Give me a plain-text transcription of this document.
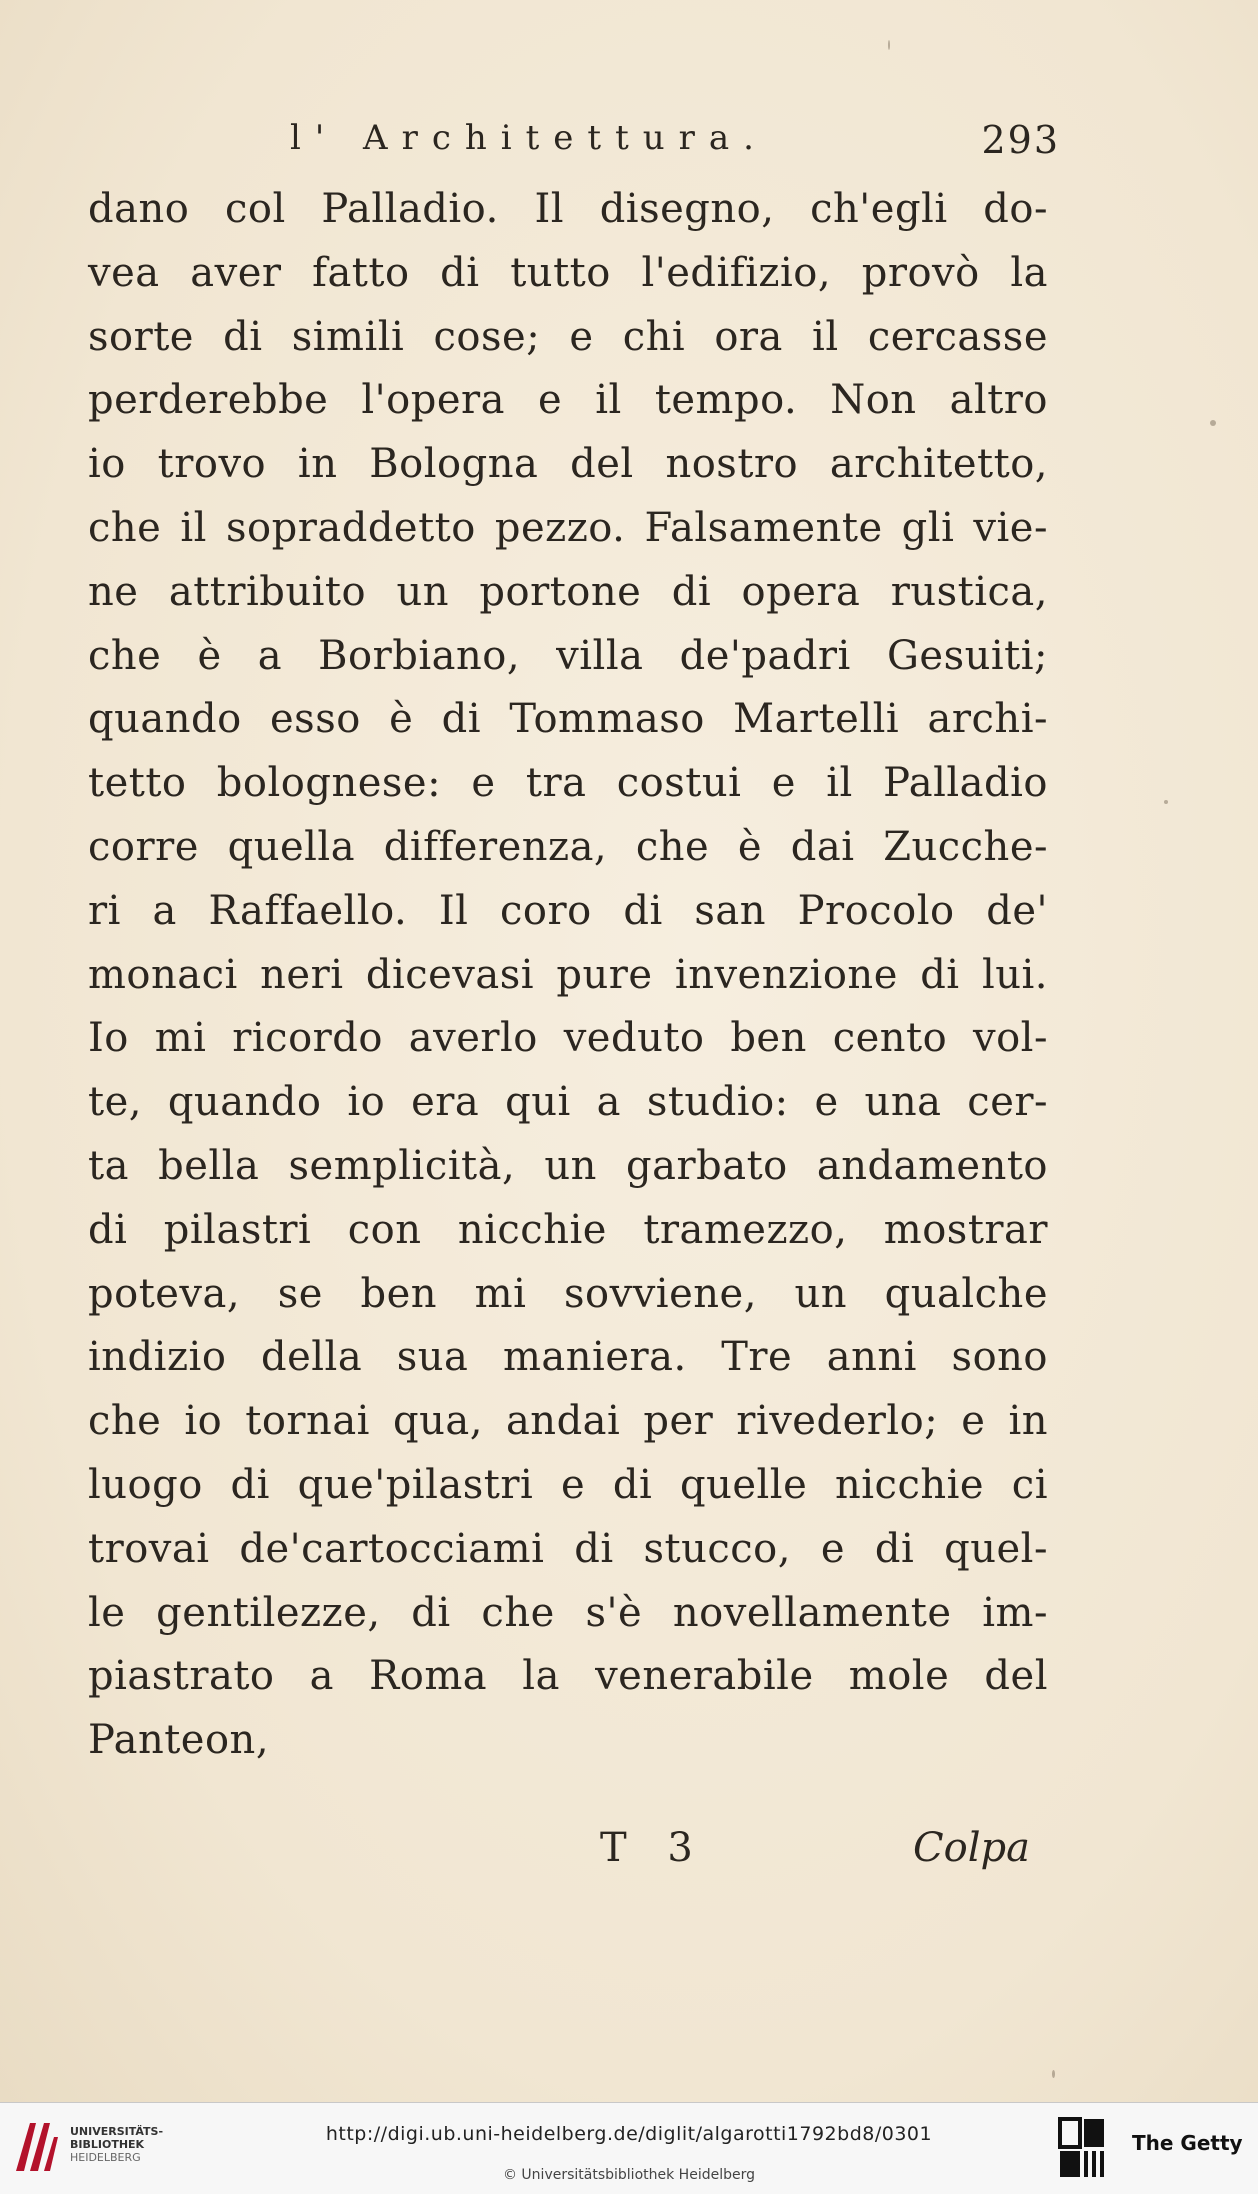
l' Architettura.	293
dano col Palladio. Il disegno, ch'egli do-
vea aver fatto di tutto l'edifizio, provò la
sorte di simili cose; e chi ora il cercasse
perderebbe l'opera e il tempo. Non altro
io trovo in Bologna del nostro architetto,
che il sopraddetto pezzo. Falsamente gli vie-
ne attribuito un portone di opera rustica,
che è a Borbiano, villa de'padri Gesuiti;
quando esso è di Tommaso Martelli archi-
tetto bolognese: e tra costui e il Palladio
corre quella differenza, che è dai Zucche-
ri a Raffaello. Il coro di san Procolo de'
monaci neri dicevasi pure invenzione di lui.
Io mi ricordo averlo veduto ben cento vol-
te, quando io era qui a studio: e una cer-
ta bella semplicità, un garbato andamento
di pilastri con nicchie tramezzo, mostrar
poteva, se ben mi sovviene, un qualche
indizio della sua maniera. Tre anni sono
che io tornai qua, andai per rivederlo; e in
luogo di que'pilastri e di quelle nicchie ci
trovai de'cartocciami di stucco, e di quel-
le gentilezze, di che s'è novellamente im-
piastrato a Roma la venerabile mole del
Panteon,
T 3	Colpa
UNIVERSITÄTS-
BIBLIOTHEK
HEIDELBERG
http://digi.ub.uni-heidelberg.de/diglit/algarotti1792bd8/0301
© Universitätsbibliothek Heidelberg
The Getty
